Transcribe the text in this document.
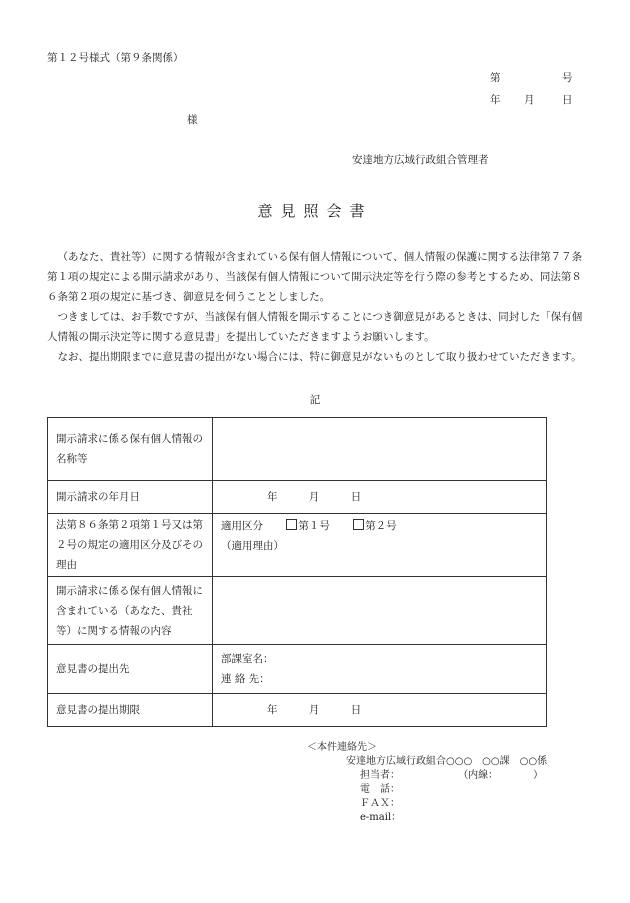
第１２号様式（第９条関係）
第	号
年 月	日
様
安達地方広域行政組合管理者
意見照会書

（あなた、貴社等）に関する情報が含まれている保有個人情報について、個人情報の保護に関する法律第７７条第１項の規定による開示請求があり、当該保有個人情報について開示決定等を行う際の参考とするため、同法第８６条第２項の規定に基づき、御意見を伺うこととしました。

つきましては、お手数ですが、当該保有個人情報を開示することにつき御意見があるときは、同封した「保有個人情報の開示決定等に関する意見書」を提出していただきますようお願いします。

なお、提出期限までに意見書の提出がない場合には、特に御意見がないものとして取り扱わせていただきます。

記
開示請求に係る保有個人情報の名称等	
開示請求の年月日	年 月 日
法第８６条第２項第１号又は第２号の規定の適用区分及びその理由	適用区分 第１号 第２号
（適用理由）

開示請求に係る保有個人情報に含まれている（あなた、貴社等）に関する情報の内容	
意見書の提出先	部課室名：
連 絡 先：

意見書の提出期限	年 月 日
＜本件連絡先＞
安達地方広域行政組合○○○　○○課　○○係
担当者：	（内線：　　　　）
電　話：
ＦＡＸ：
e-mail：
